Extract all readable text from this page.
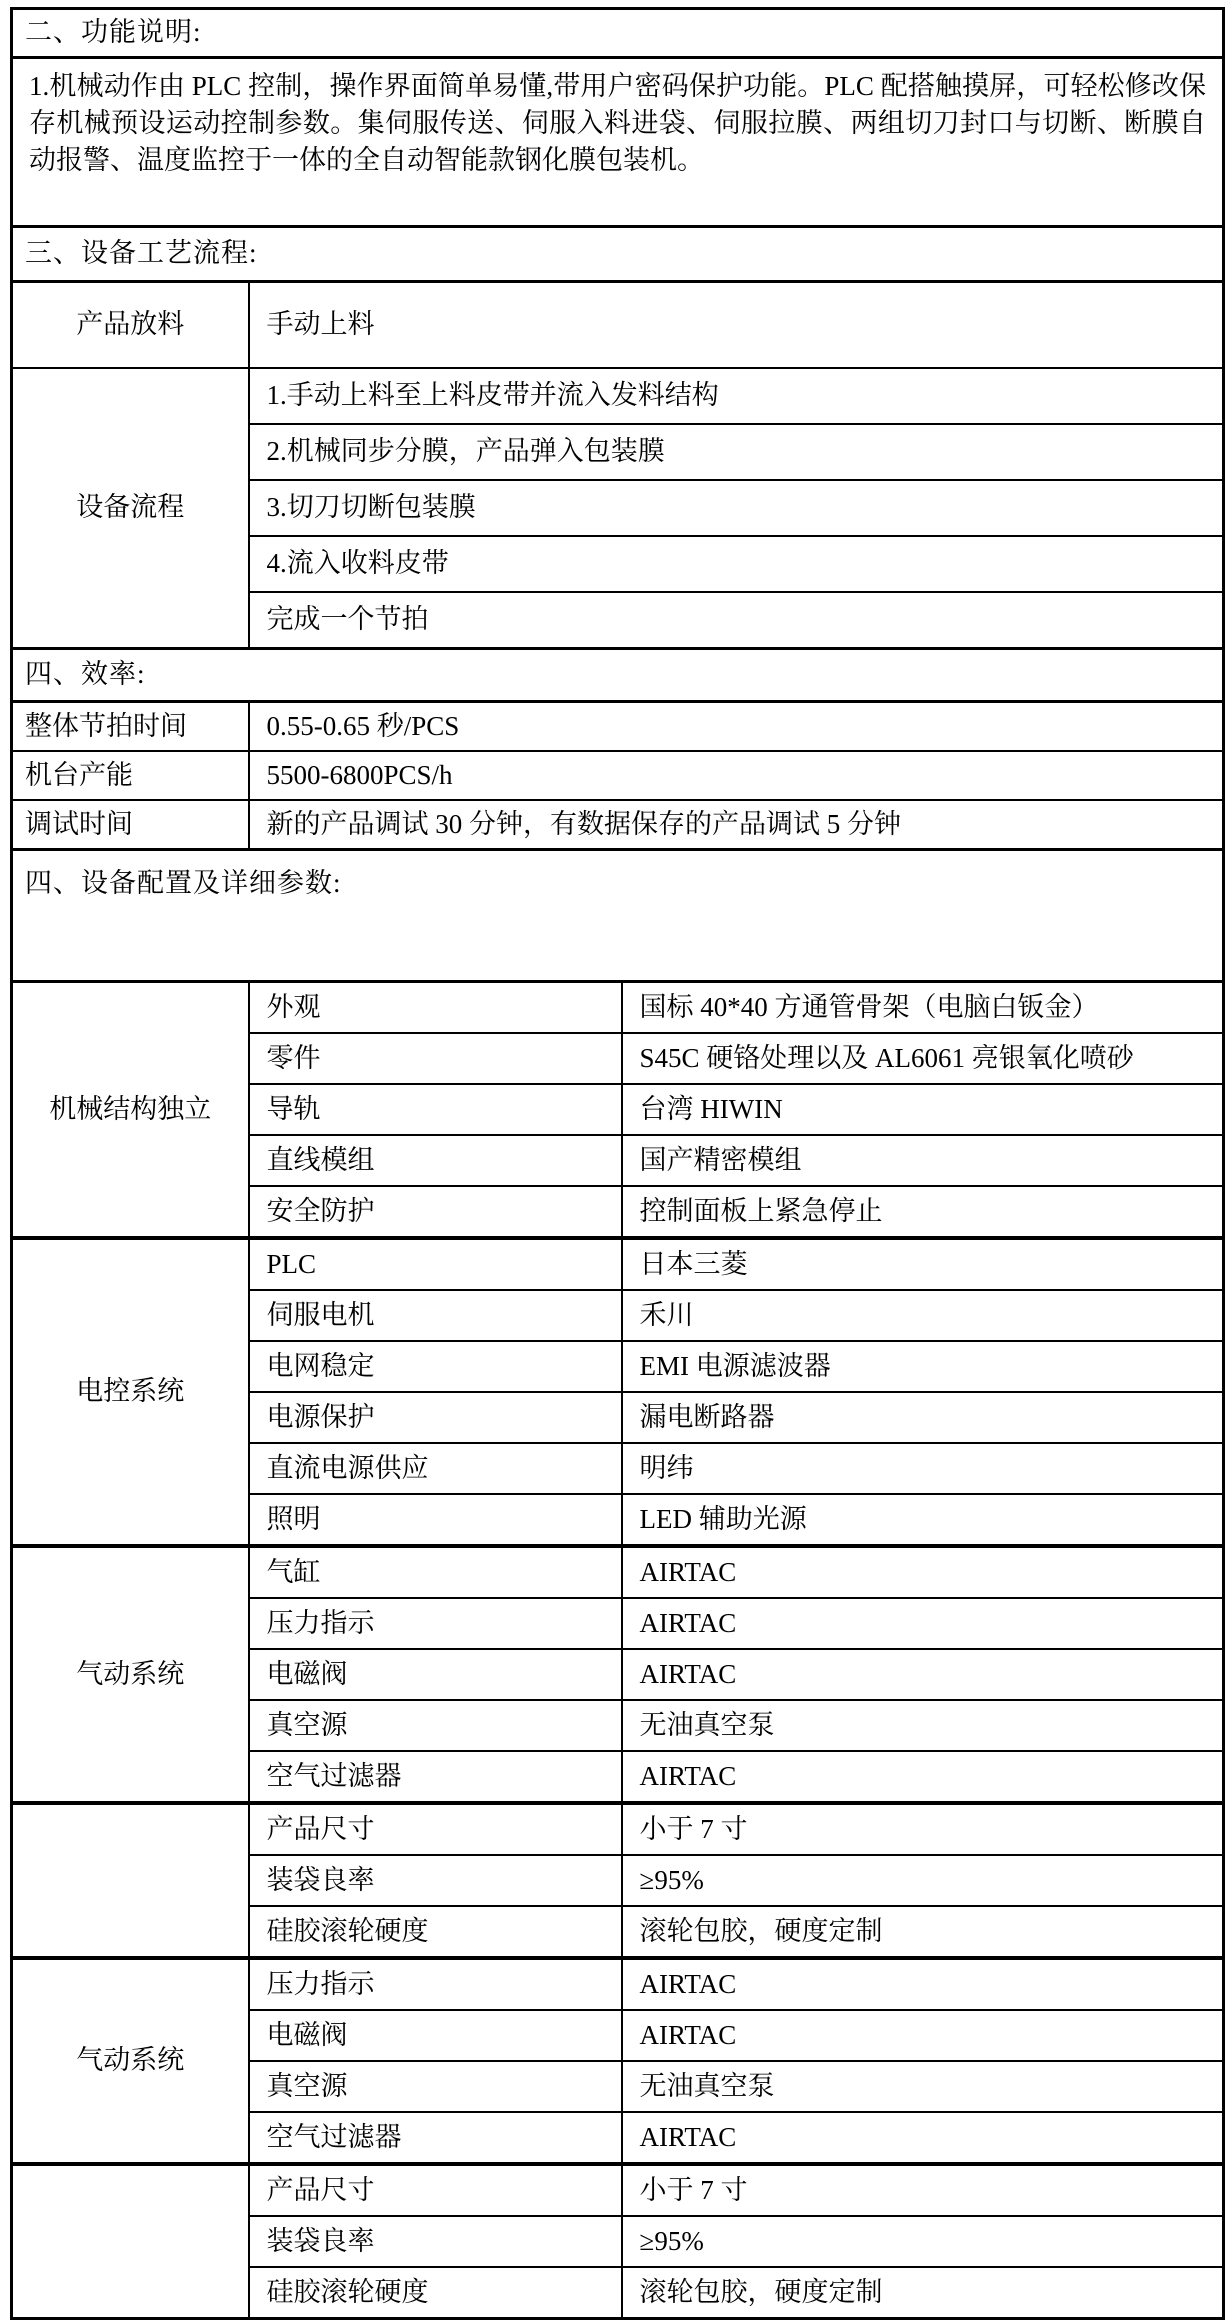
二、功能说明:		
1.机械动作由 PLC 控制，操作界面简单易懂,带用户密码保护功能。PLC 配搭触摸屏，可轻松修改保存机械预设运动控制参数。集伺服传送、伺服入料进袋、伺服拉膜、两组切刀封口与切断、断膜自动报警、温度监控于一体的全自动智能款钢化膜包装机。		
三、设备工艺流程:		
产品放料	手动上料	
设备流程	1.手动上料至上料皮带并流入发料结构	
	2.机械同步分膜，产品弹入包装膜	
	3.切刀切断包装膜	
	4.流入收料皮带	
	完成一个节拍	
四、效率:		
整体节拍时间	0.55-0.65 秒/PCS	
机台产能	5500-6800PCS/h	
调试时间	新的产品调试 30 分钟，有数据保存的产品调试 5 分钟	
四、设备配置及详细参数:		
机械结构独立	外观	国标 40*40 方通管骨架（电脑白钣金）
	零件	S45C 硬铬处理以及 AL6061 亮银氧化喷砂
	导轨	台湾 HIWIN
	直线模组	国产精密模组
	安全防护	控制面板上紧急停止
电控系统	PLC	日本三菱
	伺服电机	禾川
	电网稳定	EMI 电源滤波器
	电源保护	漏电断路器
	直流电源供应	明纬
	照明	LED 辅助光源
气动系统	气缸	AIRTAC
	压力指示	AIRTAC
	电磁阀	AIRTAC
	真空源	无油真空泵
	空气过滤器	AIRTAC
	产品尺寸	小于 7 寸
	装袋良率	≥95%
	硅胶滚轮硬度	滚轮包胶，硬度定制
气动系统	压力指示	AIRTAC
	电磁阀	AIRTAC
	真空源	无油真空泵
	空气过滤器	AIRTAC
	产品尺寸	小于 7 寸
	装袋良率	≥95%
	硅胶滚轮硬度	滚轮包胶，硬度定制
